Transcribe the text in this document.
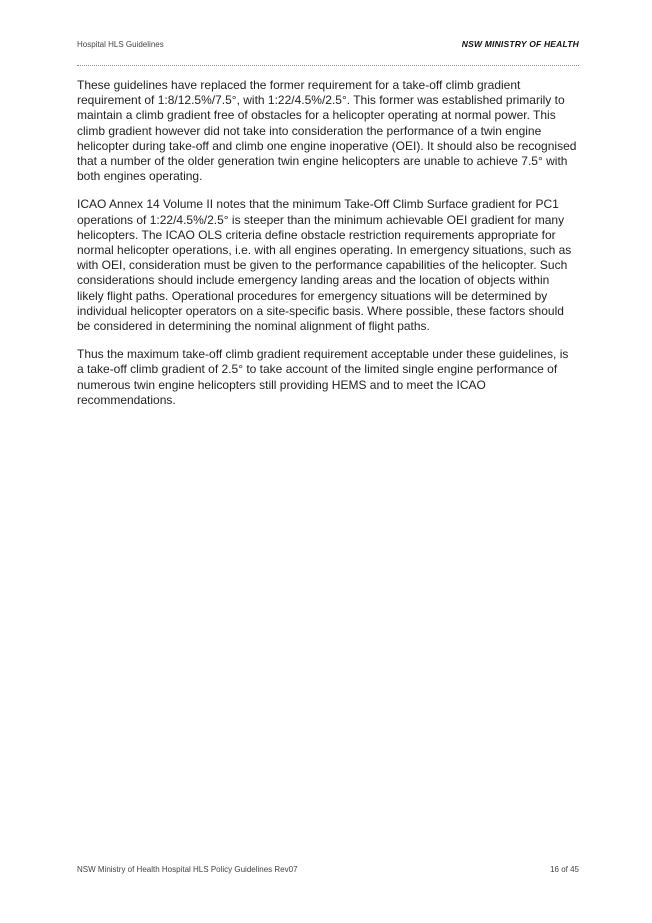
Hospital HLS Guidelines	NSW MINISTRY OF HEALTH

These guidelines have replaced the former requirement for a take-off climb gradient requirement of 1:8/12.5%/7.5°, with 1:22/4.5%/2.5°. This former was established primarily to maintain a climb gradient free of obstacles for a helicopter operating at normal power. This climb gradient however did not take into consideration the performance of a twin engine helicopter during take-off and climb one engine inoperative (OEI). It should also be recognised that a number of the older generation twin engine helicopters are unable to achieve 7.5° with both engines operating.

ICAO Annex 14 Volume II notes that the minimum Take-Off Climb Surface gradient for PC1 operations of 1:22/4.5%/2.5° is steeper than the minimum achievable OEI gradient for many helicopters. The ICAO OLS criteria define obstacle restriction requirements appropriate for normal helicopter operations, i.e. with all engines operating. In emergency situations, such as with OEI, consideration must be given to the performance capabilities of the helicopter. Such considerations should include emergency landing areas and the location of objects within likely flight paths. Operational procedures for emergency situations will be determined by individual helicopter operators on a site-specific basis. Where possible, these factors should be considered in determining the nominal alignment of flight paths.

Thus the maximum take-off climb gradient requirement acceptable under these guidelines, is a take-off climb gradient of 2.5° to take account of the limited single engine performance of numerous twin engine helicopters still providing HEMS and to meet the ICAO recommendations.

NSW Ministry of Health Hospital HLS Policy Guidelines Rev07	16 of 45
